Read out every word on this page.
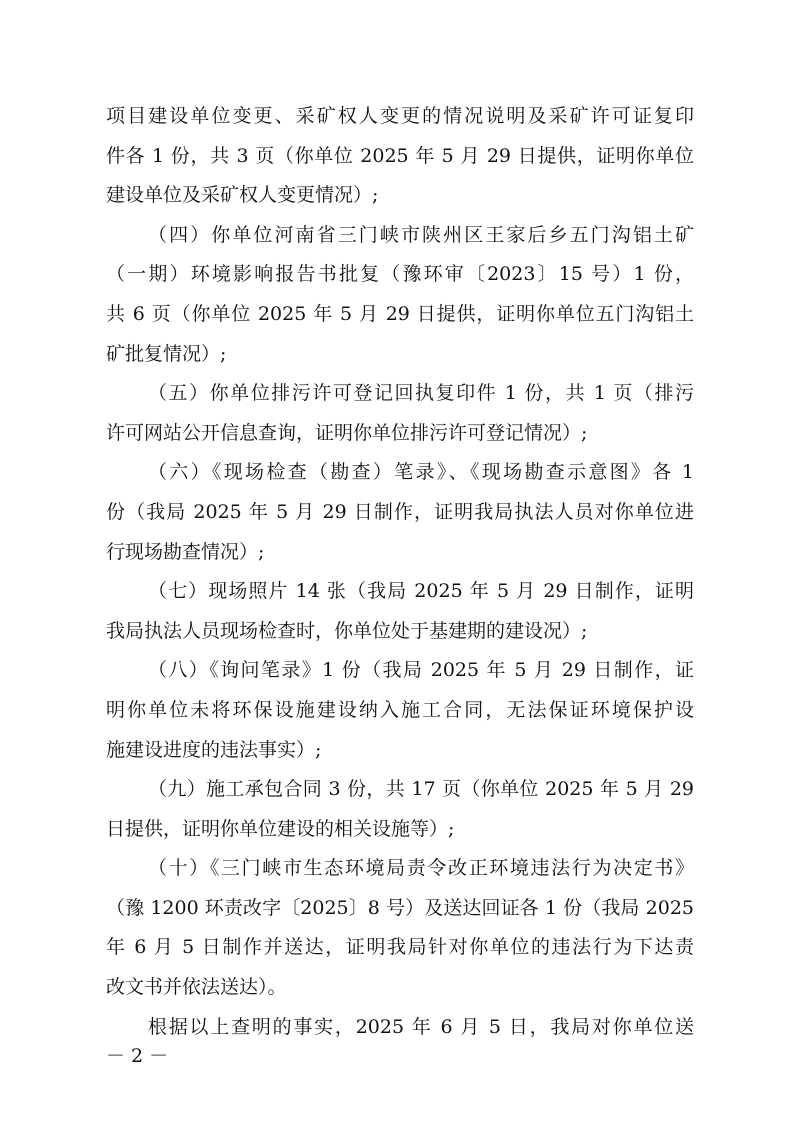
项目建设单位变更、采矿权人变更的情况说明及采矿许可证复印
件各 1 份，共 3 页（你单位 2025 年 5 月 29 日提供，证明你单位
建设单位及采矿权人变更情况）;
（四）你单位河南省三门峡市陕州区王家后乡五门沟铝土矿
（一期）环境影响报告书批复（豫环审〔2023〕15 号）1 份，
共 6 页（你单位 2025 年 5 月 29 日提供，证明你单位五门沟铝土
矿批复情况）;
（五）你单位排污许可登记回执复印件 1 份，共 1 页（排污
许可网站公开信息查询，证明你单位排污许可登记情况）;
（六）《现场检查（勘查）笔录》、《现场勘查示意图》各 1
份（我局 2025 年 5 月 29 日制作，证明我局执法人员对你单位进
行现场勘查情况）;
（七）现场照片 14 张（我局 2025 年 5 月 29 日制作，证明
我局执法人员现场检查时，你单位处于基建期的建设况）;
（八）《询问笔录》1 份（我局 2025 年 5 月 29 日制作，证
明你单位未将环保设施建设纳入施工合同，无法保证环境保护设
施建设进度的违法事实）;
（九）施工承包合同 3 份，共 17 页（你单位 2025 年 5 月 29
日提供，证明你单位建设的相关设施等）;
（十）《三门峡市生态环境局责令改正环境违法行为决定书》
（豫 1200 环责改字〔2025〕8 号）及送达回证各 1 份（我局 2025
年 6 月 5 日制作并送达，证明我局针对你单位的违法行为下达责
改文书并依法送达）。
根据以上查明的事实，2025 年 6 月 5 日，我局对你单位送
－ 2 －
